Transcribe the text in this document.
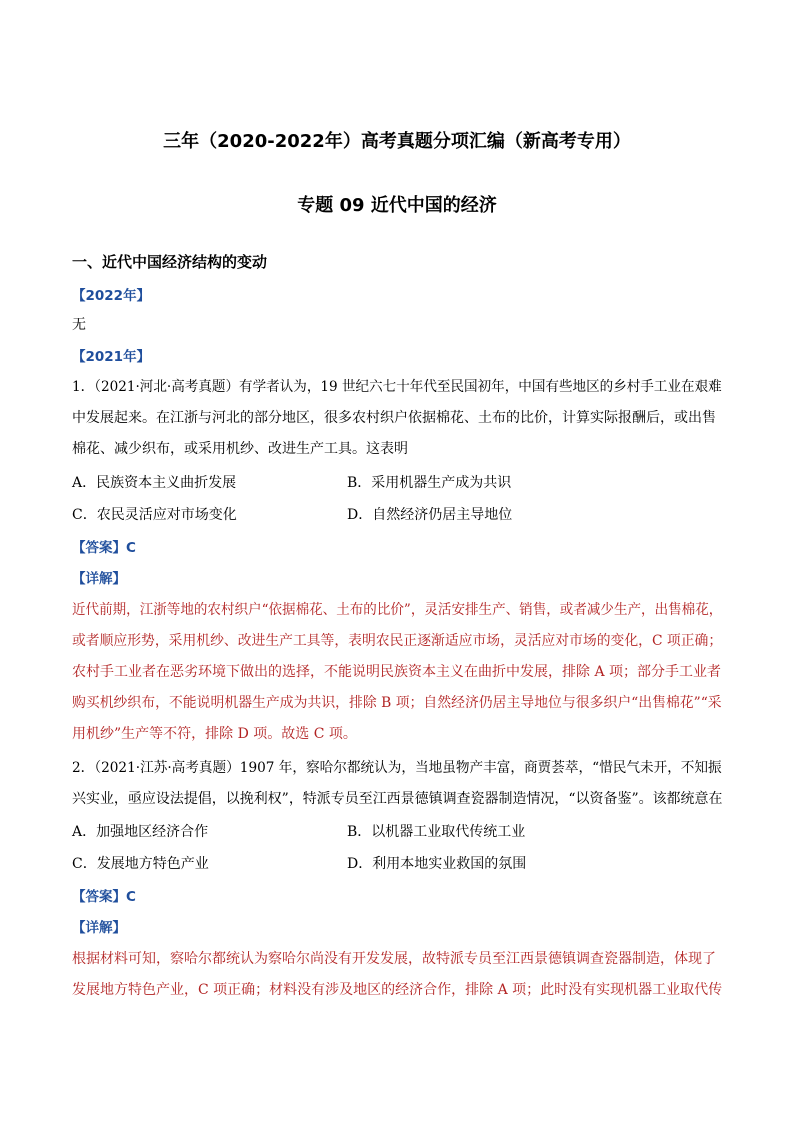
三年（2020-2022年）高考真题分项汇编（新高考专用）
专题 09 近代中国的经济
一、近代中国经济结构的变动
【2022年】
无
【2021年】
1．（2021·河北·高考真题）有学者认为，19 世纪六七十年代至民国初年，中国有些地区的乡村手工业在艰难
中发展起来。在江浙与河北的部分地区，很多农村织户依据棉花、土布的比价，计算实际报酬后，或出售
棉花、减少织布，或采用机纱、改进生产工具。这表明
A．民族资本主义曲折发展	B．采用机器生产成为共识
C．农民灵活应对市场变化	D．自然经济仍居主导地位
【答案】C
【详解】
近代前期，江浙等地的农村织户“依据棉花、土布的比价”，灵活安排生产、销售，或者减少生产，出售棉花，
或者顺应形势，采用机纱、改进生产工具等，表明农民正逐渐适应市场，灵活应对市场的变化，C 项正确；
农村手工业者在恶劣环境下做出的选择，不能说明民族资本主义在曲折中发展，排除 A 项；部分手工业者
购买机纱织布，不能说明机器生产成为共识，排除 B 项；自然经济仍居主导地位与很多织户“出售棉花”“采
用机纱”生产等不符，排除 D 项。故选 C 项。
2．（2021·江苏·高考真题）1907 年，察哈尔都统认为，当地虽物产丰富，商贾荟萃，“惜民气未开，不知振
兴实业，亟应设法提倡，以挽利权”，特派专员至江西景德镇调查瓷器制造情况，“以资备鉴”。该都统意在
A．加强地区经济合作	B．以机器工业取代传统工业
C．发展地方特色产业	D．利用本地实业救国的氛围
【答案】C
【详解】
根据材料可知，察哈尔都统认为察哈尔尚没有开发发展，故特派专员至江西景德镇调查瓷器制造，体现了
发展地方特色产业，C 项正确；材料没有涉及地区的经济合作，排除 A 项；此时没有实现机器工业取代传
